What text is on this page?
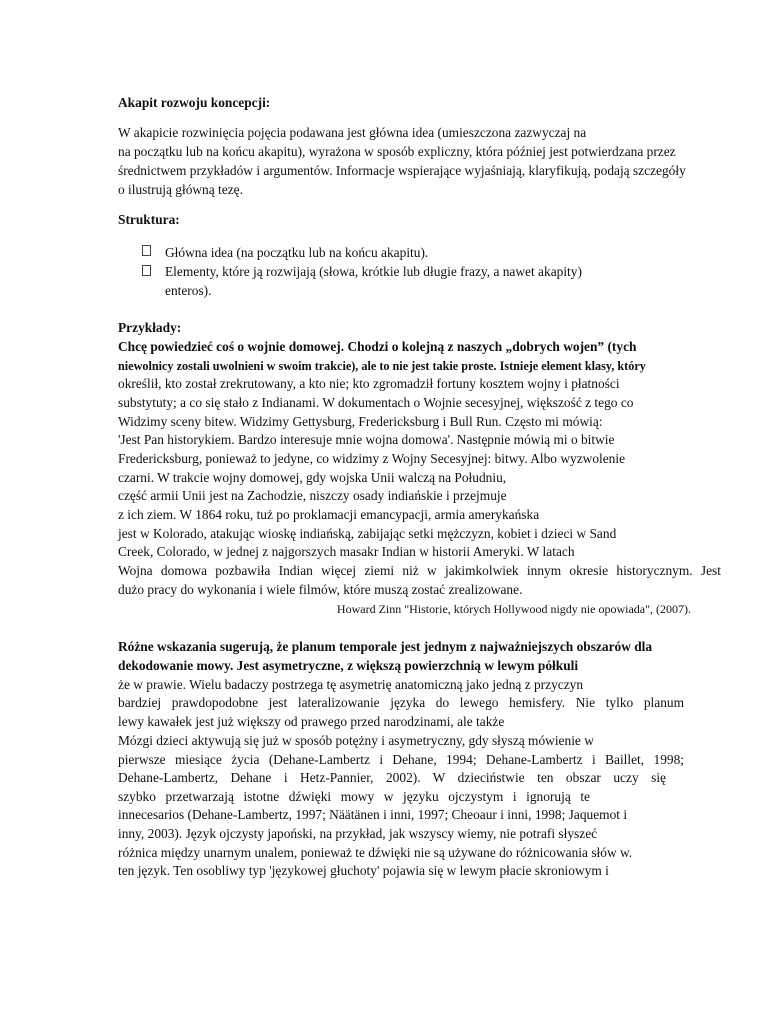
Akapit rozwoju koncepcji:
W akapicie rozwinięcia pojęcia podawana jest główna idea (umieszczona zazwyczaj na
na początku lub na końcu akapitu), wyrażona w sposób expliczny, która później jest potwierdzana przez
średnictwem przykładów i argumentów. Informacje wspierające wyjaśniają, klaryfikują, podają szczegóły
o ilustrują główną tezę.
Struktura:
Główna idea (na początku lub na końcu akapitu).
Elementy, które ją rozwijają (słowa, krótkie lub długie frazy, a nawet akapity)
enteros).
Przykłady:
Chcę powiedzieć coś o wojnie domowej. Chodzi o kolejną z naszych „dobrych wojen” (tych
niewolnicy zostali uwolnieni w swoim trakcie), ale to nie jest takie proste. Istnieje element klasy, który
określił, kto został zrekrutowany, a kto nie; kto zgromadził fortuny kosztem wojny i płatności
substytuty; a co się stało z Indianami. W dokumentach o Wojnie secesyjnej, większość z tego co
Widzimy sceny bitew. Widzimy Gettysburg, Fredericksburg i Bull Run. Często mi mówią:
'Jest Pan historykiem. Bardzo interesuje mnie wojna domowa'. Następnie mówią mi o bitwie
Fredericksburg, ponieważ to jedyne, co widzimy z Wojny Secesyjnej: bitwy. Albo wyzwolenie
czarni. W trakcie wojny domowej, gdy wojska Unii walczą na Południu,
część armii Unii jest na Zachodzie, niszczy osady indiańskie i przejmuje
z ich ziem. W 1864 roku, tuż po proklamacji emancypacji, armia amerykańska
jest w Kolorado, atakując wioskę indiańską, zabijając setki mężczyzn, kobiet i dzieci w Sand
Creek, Colorado, w jednej z najgorszych masakr Indian w historii Ameryki. W latach
Wojna domowa pozbawiła Indian więcej ziemi niż w jakimkolwiek innym okresie historycznym. Jest
dużo pracy do wykonania i wiele filmów, które muszą zostać zrealizowane.
Howard Zinn "Historie, których Hollywood nigdy nie opowiada", (2007).
Różne wskazania sugerują, że planum temporale jest jednym z najważniejszych obszarów dla
dekodowanie mowy. Jest asymetryczne, z większą powierzchnią w lewym półkuli
że w prawie. Wielu badaczy postrzega tę asymetrię anatomiczną jako jedną z przyczyn
bardziej prawdopodobne jest lateralizowanie języka do lewego hemisfery. Nie tylko planum
lewy kawałek jest już większy od prawego przed narodzinami, ale także
Mózgi dzieci aktywują się już w sposób potężny i asymetryczny, gdy słyszą mówienie w
pierwsze miesiące życia (Dehane-Lambertz i Dehane, 1994; Dehane-Lambertz i Baillet, 1998;
Dehane-Lambertz, Dehane i Hetz-Pannier, 2002). W dzieciństwie ten obszar uczy się
szybko przetwarzają istotne dźwięki mowy w języku ojczystym i ignorują te
innecesarios (Dehane-Lambertz, 1997; Näätänen i inni, 1997; Cheoaur i inni, 1998; Jaquemot i
inny, 2003). Język ojczysty japoński, na przykład, jak wszyscy wiemy, nie potrafi słyszeć
różnica między unarnym unalem, ponieważ te dźwięki nie są używane do różnicowania słów w.
ten język. Ten osobliwy typ 'językowej głuchoty' pojawia się w lewym płacie skroniowym i
